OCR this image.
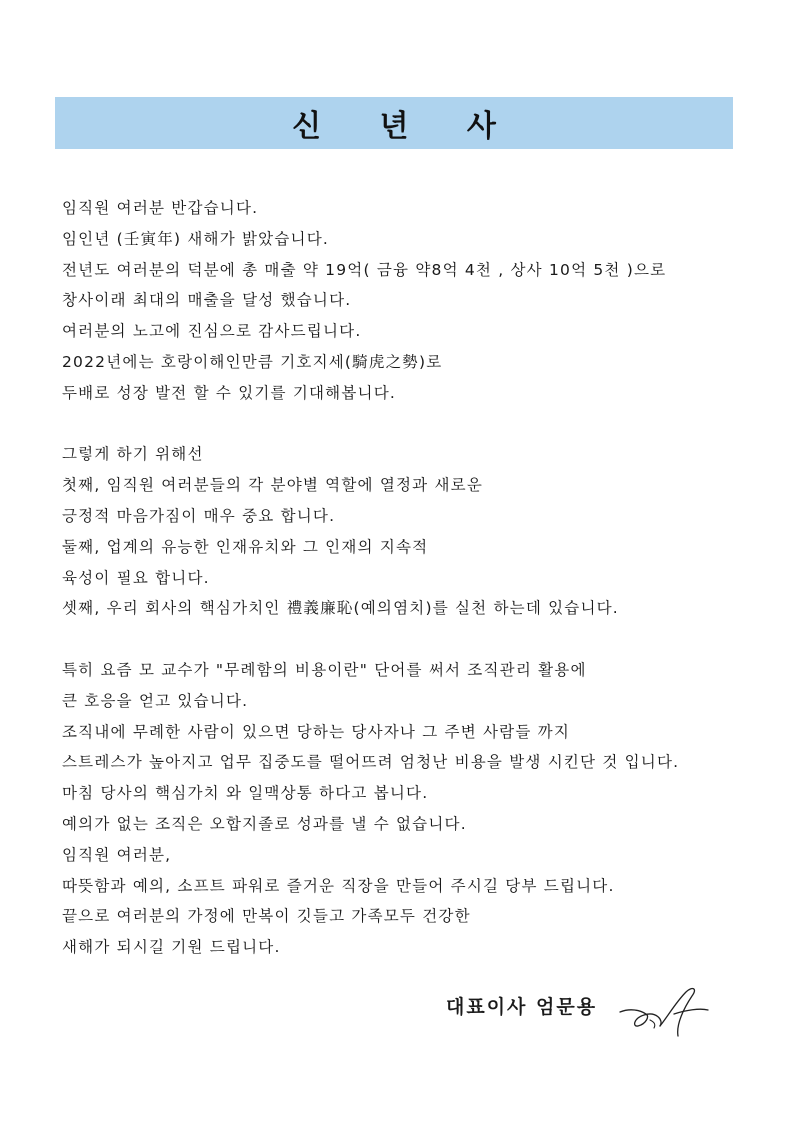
신 년 사
임직원 여러분 반갑습니다.
임인년 (壬寅年) 새해가 밝았습니다.
전년도 여러분의 덕분에 총 매출 약 19억( 금융 약8억 4천 , 상사 10억 5천 )으로
창사이래 최대의 매출을 달성 했습니다.
여러분의 노고에 진심으로 감사드립니다.
2022년에는 호랑이해인만큼 기호지세(騎虎之勢)로
두배로 성장 발전 할 수 있기를 기대해봅니다.
그렇게 하기 위해선
첫째, 임직원 여러분들의 각 분야별 역할에 열정과 새로운
긍정적 마음가짐이 매우 중요 합니다.
둘째, 업계의 유능한 인재유치와 그 인재의 지속적
육성이 필요 합니다.
셋째, 우리 회사의 핵심가치인 禮義廉恥(예의염치)를 실천 하는데 있습니다.
특히 요즘 모 교수가 "무례함의 비용이란" 단어를 써서 조직관리 활용에
큰 호응을 얻고 있습니다.
조직내에 무례한 사람이 있으면 당하는 당사자나 그 주변 사람들 까지
스트레스가 높아지고 업무 집중도를 떨어뜨려 엄청난 비용을 발생 시킨단 것 입니다.
마침 당사의 핵심가치 와 일맥상통 하다고 봅니다.
예의가 없는 조직은 오합지졸로 성과를 낼 수 없습니다.
임직원 여러분,
따뜻함과 예의, 소프트 파워로 즐거운 직장을 만들어 주시길 당부 드립니다.
끝으로 여러분의 가정에 만복이 깃들고 가족모두 건강한
새해가 되시길 기원 드립니다.
대표이사 엄문용
